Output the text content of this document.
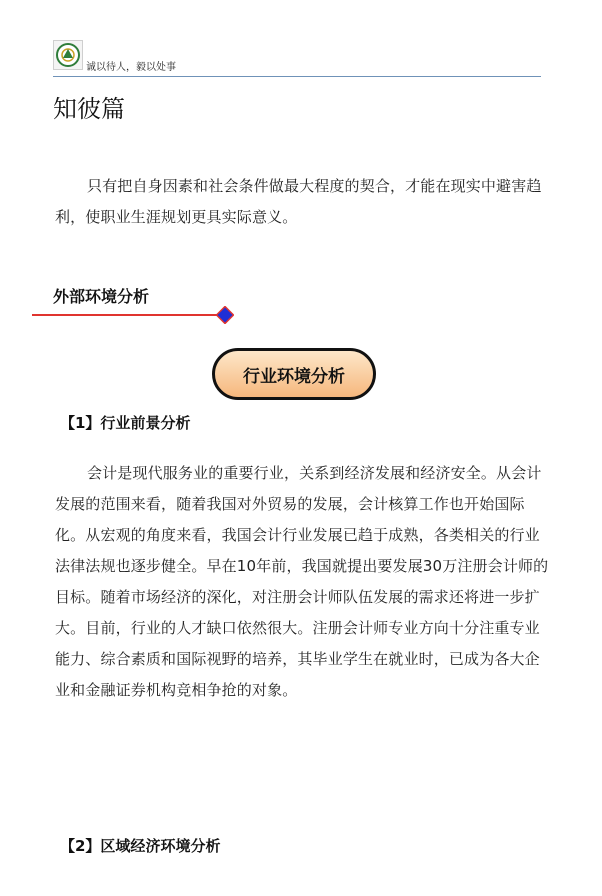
诚以待人，毅以处事
知彼篇

只有把自身因素和社会条件做最大程度的契合，才能在现实中避害趋利，使职业生涯规划更具实际意义。

外部环境分析
行业环境分析
【1】行业前景分析

会计是现代服务业的重要行业，关系到经济发展和经济安全。从会计发展的范围来看，随着我国对外贸易的发展，会计核算工作也开始国际化。从宏观的角度来看，我国会计行业发展已趋于成熟，各类相关的行业法律法规也逐步健全。早在10年前，我国就提出要发展30万注册会计师的目标。随着市场经济的深化，对注册会计师队伍发展的需求还将进一步扩大。目前，行业的人才缺口依然很大。注册会计师专业方向十分注重专业能力、综合素质和国际视野的培养，其毕业学生在就业时，已成为各大企业和金融证券机构竞相争抢的对象。

【2】区域经济环境分析
